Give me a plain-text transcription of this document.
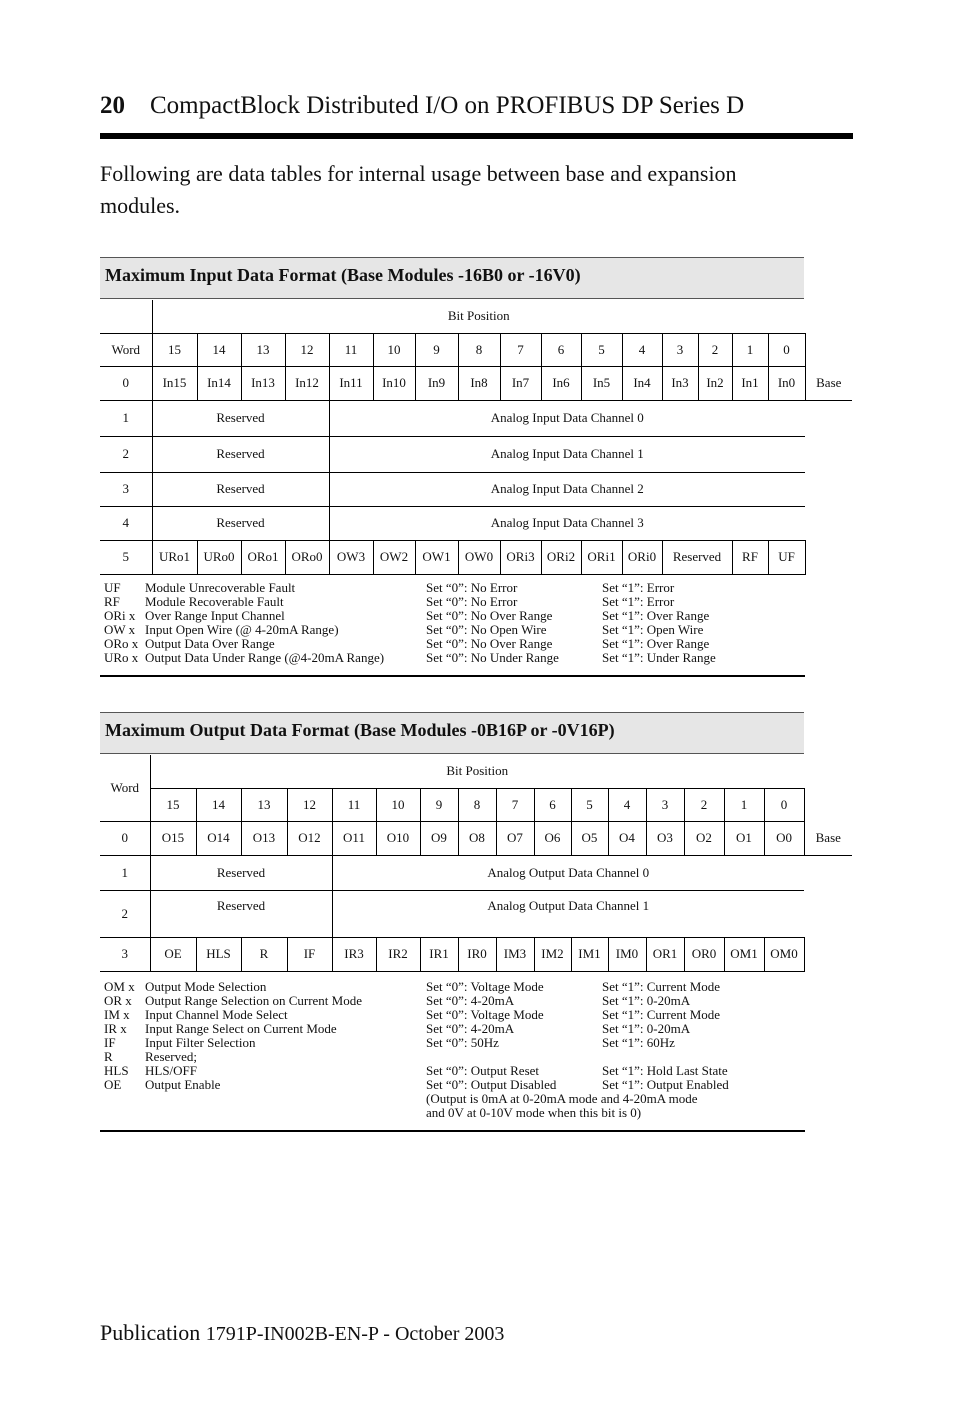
20 CompactBlock Distributed I/O on PROFIBUS DP Series D
Following are data tables for internal usage between base and expansion modules.
Maximum Input Data Format (Base Modules -16B0 or -16V0)
	Bit Position																
Word	15	14	13	12	11	10	9	8	7	6	5	4	3	2	1	0	
0	In15	In14	In13	In12	In11	In10	In9	In8	In7	In6	In5	In4	In3	In2	In1	In0	Base
1	Reserved				Analog Input Data Channel 0												
2	Reserved				Analog Input Data Channel 1												
3	Reserved				Analog Input Data Channel 2												
4	Reserved				Analog Input Data Channel 3												
5	URo1	URo0	ORo1	ORo0	OW3	OW2	OW1	OW0	ORi3	ORi2	ORi1	ORi0	Reserved		RF	UF	
UF Module Unrecoverable Fault	Set “0”: No Error	Set “1”: Error
RF Module Recoverable Fault	Set “0”: No Error	Set “1”: Error
ORi x Over Range Input Channel	Set “0”: No Over Range	Set “1”: Over Range
OW x Input Open Wire (@ 4-20mA Range)	Set “0”: No Open Wire	Set “1”: Open Wire
ORo x Output Data Over Range	Set “0”: No Over Range	Set “1”: Over Range
URo x Output Data Under Range (@4-20mA Range)	Set “0”: No Under Range	Set “1”: Under Range
Maximum Output Data Format (Base Modules -0B16P or -0V16P)
Word	Bit Position																
	15	14	13	12	11	10	9	8	7	6	5	4	3	2	1	0	
0	O15	O14	O13	O12	O11	O10	O9	O8	O7	O6	O5	O4	O3	O2	O1	O0	Base
1	Reserved				Analog Output Data Channel 0												
2	Reserved				Analog Output Data Channel 1												
3	OE	HLS	R	IF	IR3	IR2	IR1	IR0	IM3	IM2	IM1	IM0	OR1	OR0	OM1	OM0	
OM x Output Mode Selection	Set “0”: Voltage Mode	Set “1”: Current Mode
OR x Output Range Selection on Current Mode	Set “0”: 4-20mA	Set “1”: 0-20mA
IM x Input Channel Mode Select	Set “0”: Voltage Mode	Set “1”: Current Mode
IR x Input Range Select on Current Mode	Set “0”: 4-20mA	Set “1”: 0-20mA
IF Input Filter Selection	Set “0”: 50Hz	Set “1”: 60Hz
R Reserved;
HLS HLS/OFF	Set “0”: Output Reset	Set “1”: Hold Last State
OE Output Enable	Set “0”: Output Disabled	Set “1”: Output Enabled
(Output is 0mA at 0-20mA mode and 4-20mA mode
and 0V at 0-10V mode when this bit is 0)
Publication 1791P-IN002B-EN-P - October 2003
